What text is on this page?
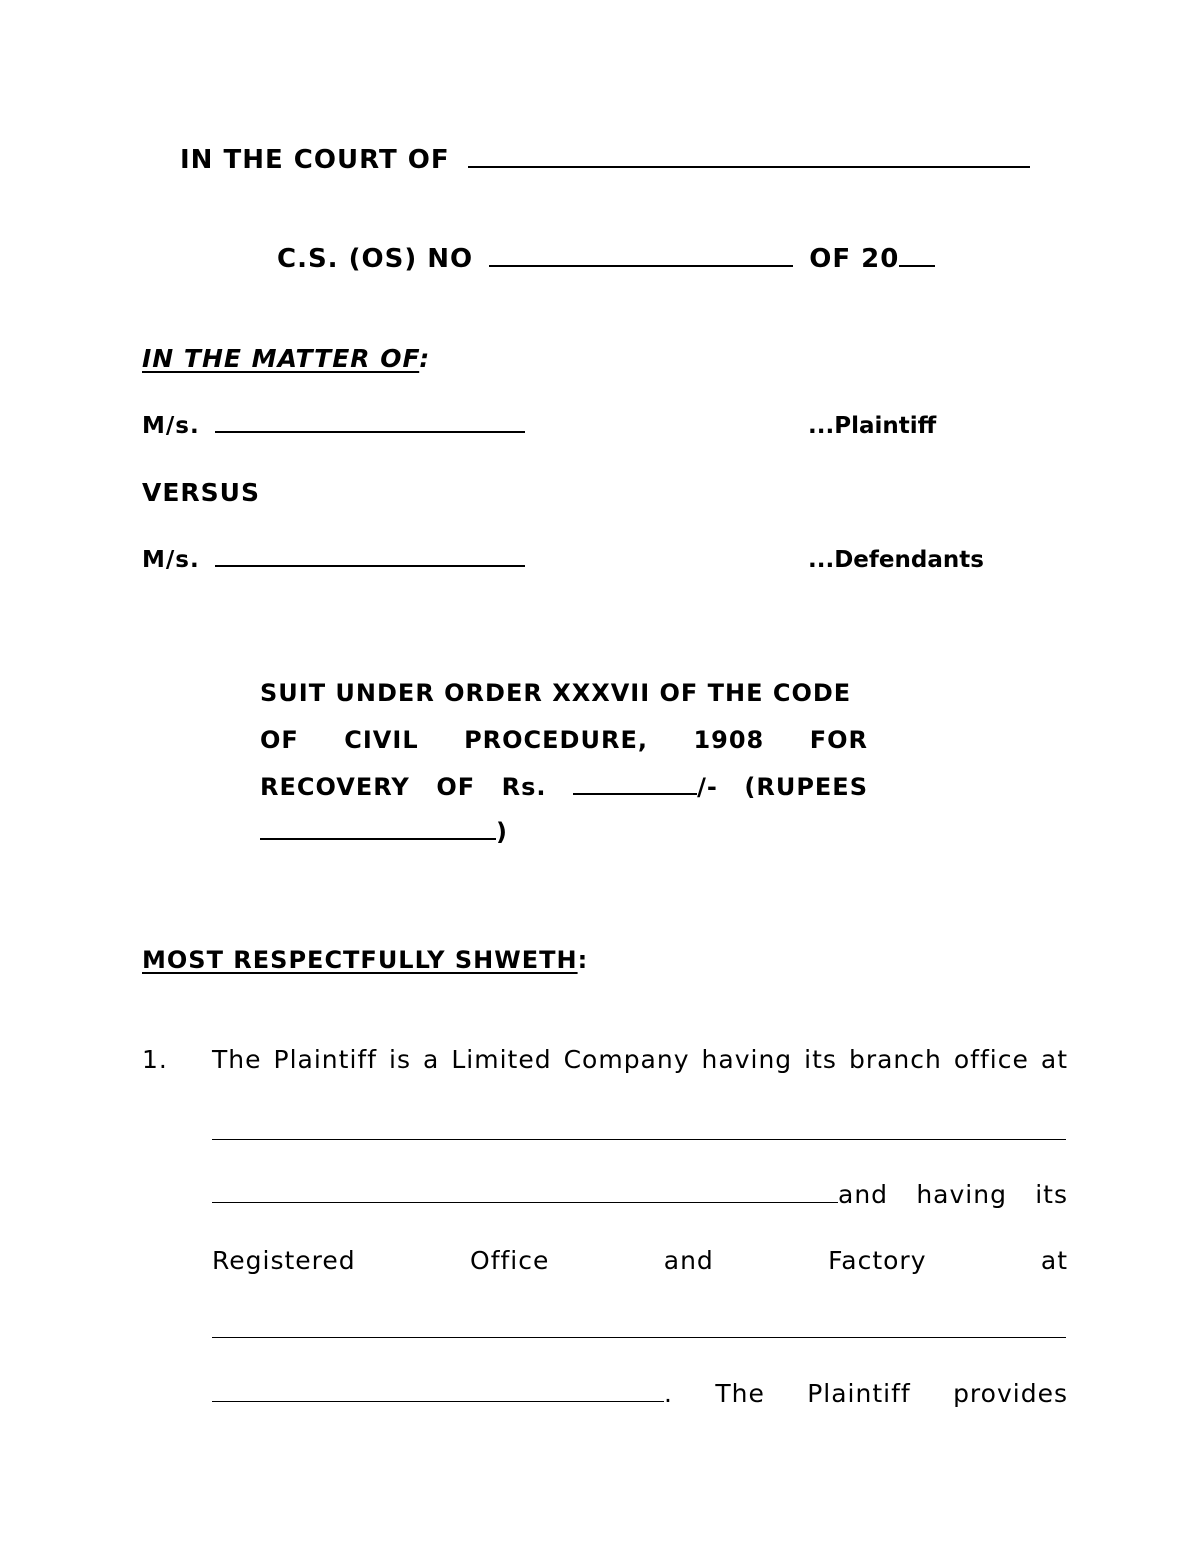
IN THE COURT OF
C.S. (OS) NO	OF 20
IN THE MATTER OF:
M/s.	...Plaintiff
VERSUS
M/s.	...Defendants
SUIT UNDER ORDER XXXVII OF THE CODE
OF CIVIL PROCEDURE, 1908 FOR
RECOVERY OF Rs.	/- (RUPEES
)
MOST RESPECTFULLY SHWETH:
1. The Plaintiff is a Limited Company having its branch office at
and having its
Registered	Office	and	Factory	at
. The Plaintiff provides
